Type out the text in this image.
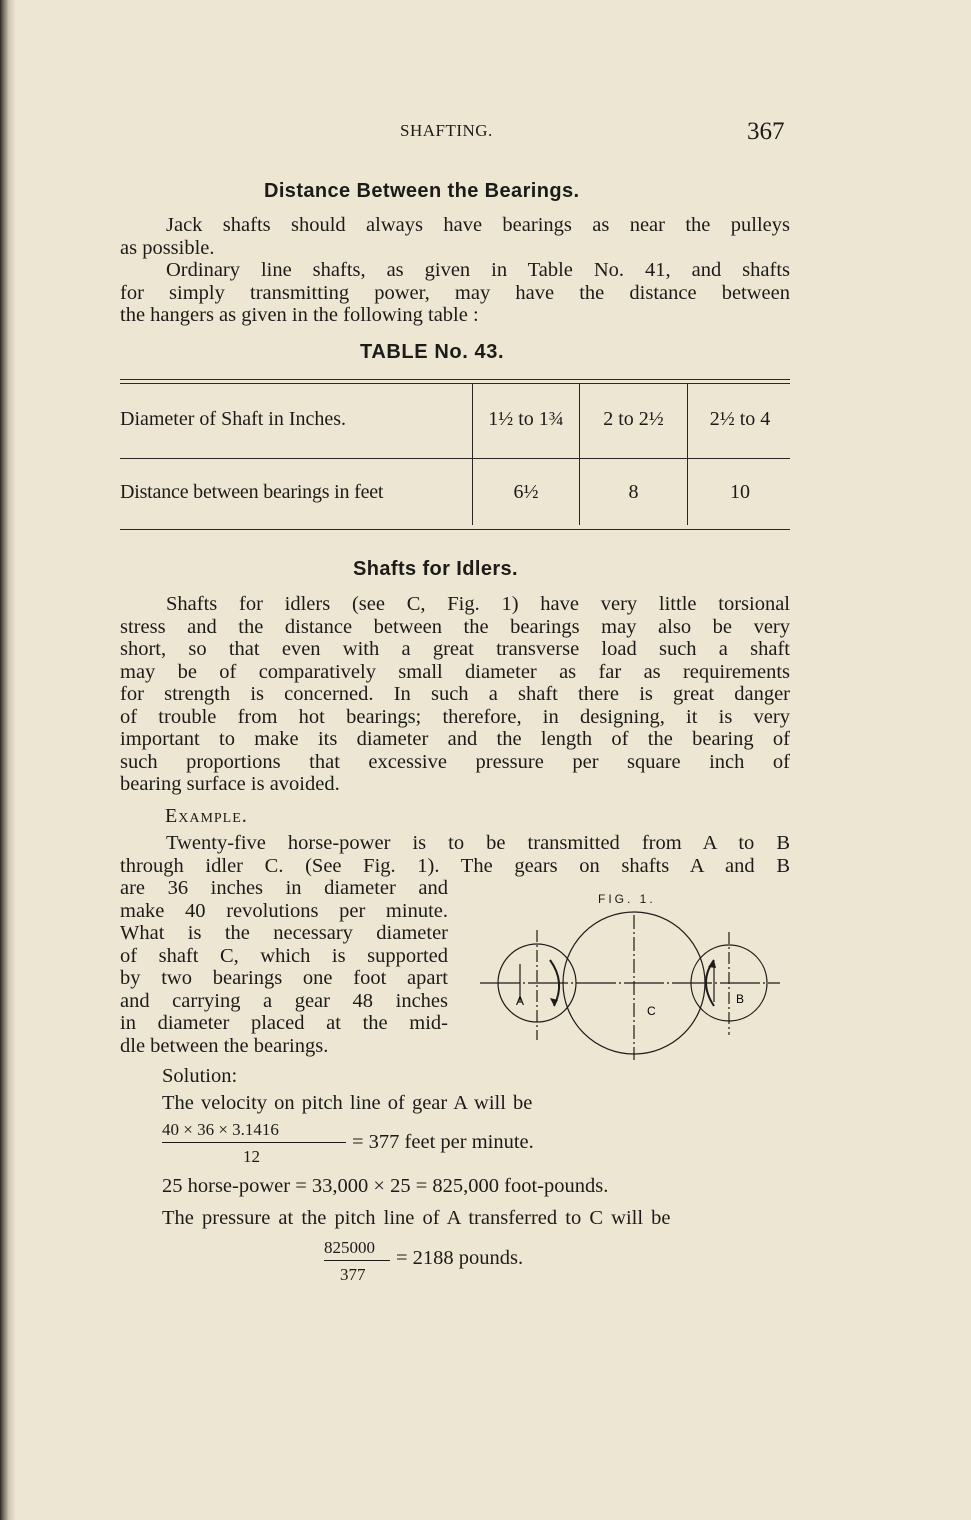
SHAFTING.	367
Distance Between the Bearings.
Jack shafts should always have bearings as near the pulleys
as possible.
Ordinary line shafts, as given in Table No. 41, and shafts
for simply transmitting power, may have the distance between
the hangers as given in the following table :
TABLE No. 43.
Diameter of Shaft in Inches.	1½ to 1¾	2 to 2½	2½ to 4
Distance between bearings in feet	6½	8	10
Shafts for Idlers.
Shafts for idlers (see C, Fig. 1) have very little torsional
stress and the distance between the bearings may also be very
short, so that even with a great transverse load such a shaft
may be of comparatively small diameter as far as requirements
for strength is concerned. In such a shaft there is great danger
of trouble from hot bearings; therefore, in designing, it is very
important to make its diameter and the length of the bearing of
such proportions that excessive pressure per square inch of
bearing surface is avoided.
Example.
Twenty-five horse-power is to be transmitted from A to B
through idler C. (See Fig. 1). The gears on shafts A and B
are 36 inches in diameter and
make 40 revolutions per minute.
What is the necessary diameter
of shaft C, which is supported
by two bearings one foot apart
and carrying a gear 48 inches
in diameter placed at the mid-
dle between the bearings.
FIG. 1.
A
C
B
Solution:
The velocity on pitch line of gear A will be
40 × 36 × 3.1416
12
= 377 feet per minute.
25 horse-power = 33,000 × 25 = 825,000 foot-pounds.
The pressure at the pitch line of A transferred to C will be
825000
377
= 2188 pounds.
